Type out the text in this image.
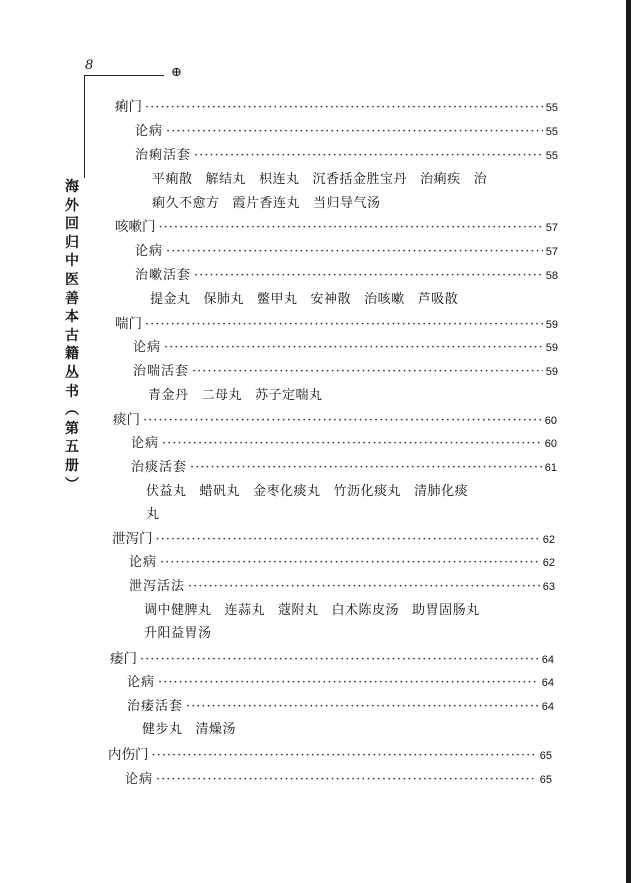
8	⊕
海
外
回
归
中
医
善
本
古
籍
丛
书
︵
第
五
册
︶
痢门 ·····	55
论病 ·····	55
治痢活套 ·····	55
平痢散 解结丸 枳连丸 沉香括金胜宝丹 治痢疾 治
痢久不愈方 霞片香连丸 当归导气汤
咳嗽门 ·····	57
论病 ·····	57
治嗽活套 ·····	58
提金丸 保肺丸 鳖甲丸 安神散 治咳嗽 芦吸散
喘门 ·····	59
论病 ·····	59
治喘活套 ·····	59
青金丹 二母丸 苏子定喘丸
痰门 ·····	60
论病 ·····	60
治痰活套 ·····	61
伏益丸 蜡矾丸 金枣化痰丸 竹沥化痰丸 清肺化痰
丸
泄泻门 ·····	62
论病 ·····	62
泄泻活法 ·····	63
调中健脾丸 连蒜丸 蔻附丸 白术陈皮汤 助胃固肠丸
升阳益胃汤
痿门 ·····	64
论病 ·····	64
治痿活套 ·····	64
健步丸 清燥汤
内伤门 ·····	65
论病 ·····	65
